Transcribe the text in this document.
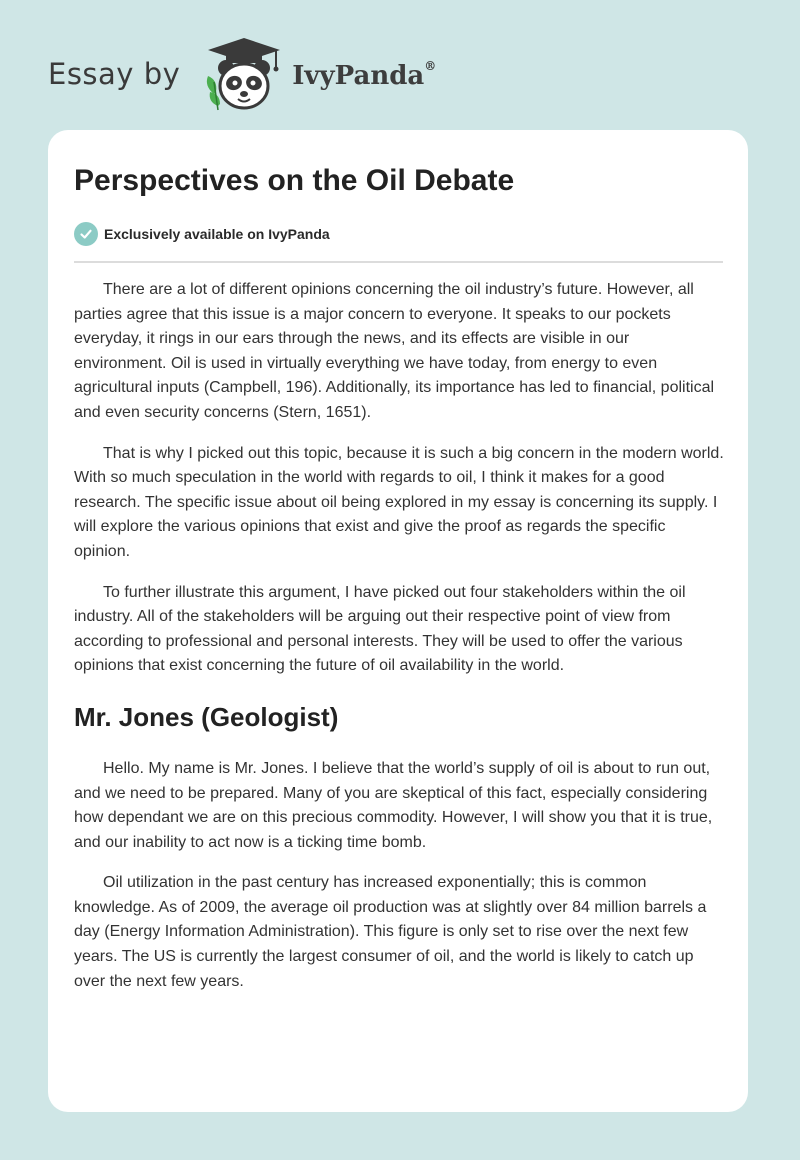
Essay by	IvyPanda®
Perspectives on the Oil Debate
Exclusively available on IvyPanda

There are a lot of different opinions concerning the oil industry’s future. However, all parties agree that this issue is a major concern to everyone. It speaks to our pockets everyday, it rings in our ears through the news, and its effects are visible in our environment. Oil is used in virtually everything we have today, from energy to even agricultural inputs (Campbell, 196). Additionally, its importance has led to financial, political and even security concerns (Stern, 1651).

That is why I picked out this topic, because it is such a big concern in the modern world. With so much speculation in the world with regards to oil, I think it makes for a good research. The specific issue about oil being explored in my essay is concerning its supply. I will explore the various opinions that exist and give the proof as regards the specific opinion.

To further illustrate this argument, I have picked out four stakeholders within the oil industry. All of the stakeholders will be arguing out their respective point of view from according to professional and personal interests. They will be used to offer the various opinions that exist concerning the future of oil availability in the world.

Mr. Jones (Geologist)

Hello. My name is Mr. Jones. I believe that the world’s supply of oil is about to run out, and we need to be prepared. Many of you are skeptical of this fact, especially considering how dependant we are on this precious commodity. However, I will show you that it is true, and our inability to act now is a ticking time bomb.

Oil utilization in the past century has increased exponentially; this is common knowledge. As of 2009, the average oil production was at slightly over 84 million barrels a day (Energy Information Administration). This figure is only set to rise over the next few years. The US is currently the largest consumer of oil, and the world is likely to catch up over the next few years.
